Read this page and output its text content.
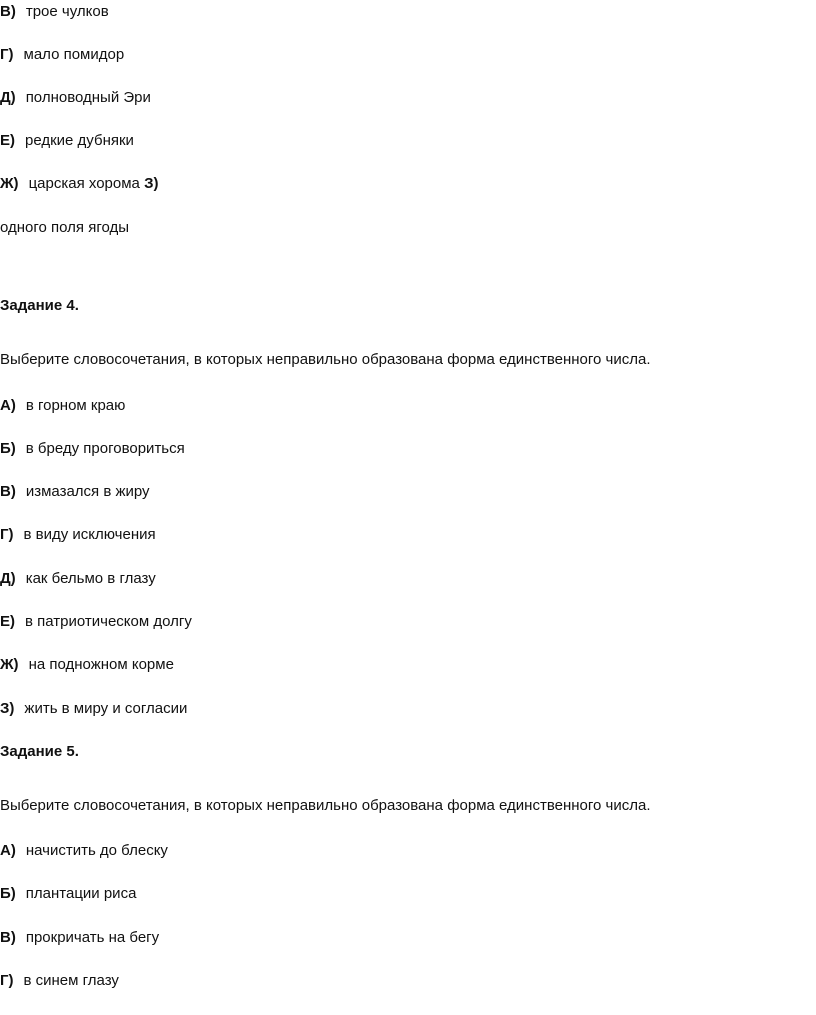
В) трое чулков
Г) мало помидор
Д) полноводный Эри
Е) редкие дубняки
Ж) царская хорома З)
одного поля ягоды
Задание 4.
Выберите словосочетания, в которых неправильно образована форма единственного числа.
А) в горном краю
Б) в бреду проговориться
В) измазался в жиру
Г) в виду исключения
Д) как бельмо в глазу
Е) в патриотическом долгу
Ж) на подножном корме
З) жить в миру и согласии
Задание 5.
Выберите словосочетания, в которых неправильно образована форма единственного числа.
А) начистить до блеску
Б) плантации риса
В) прокричать на бегу
Г) в синем глазу
